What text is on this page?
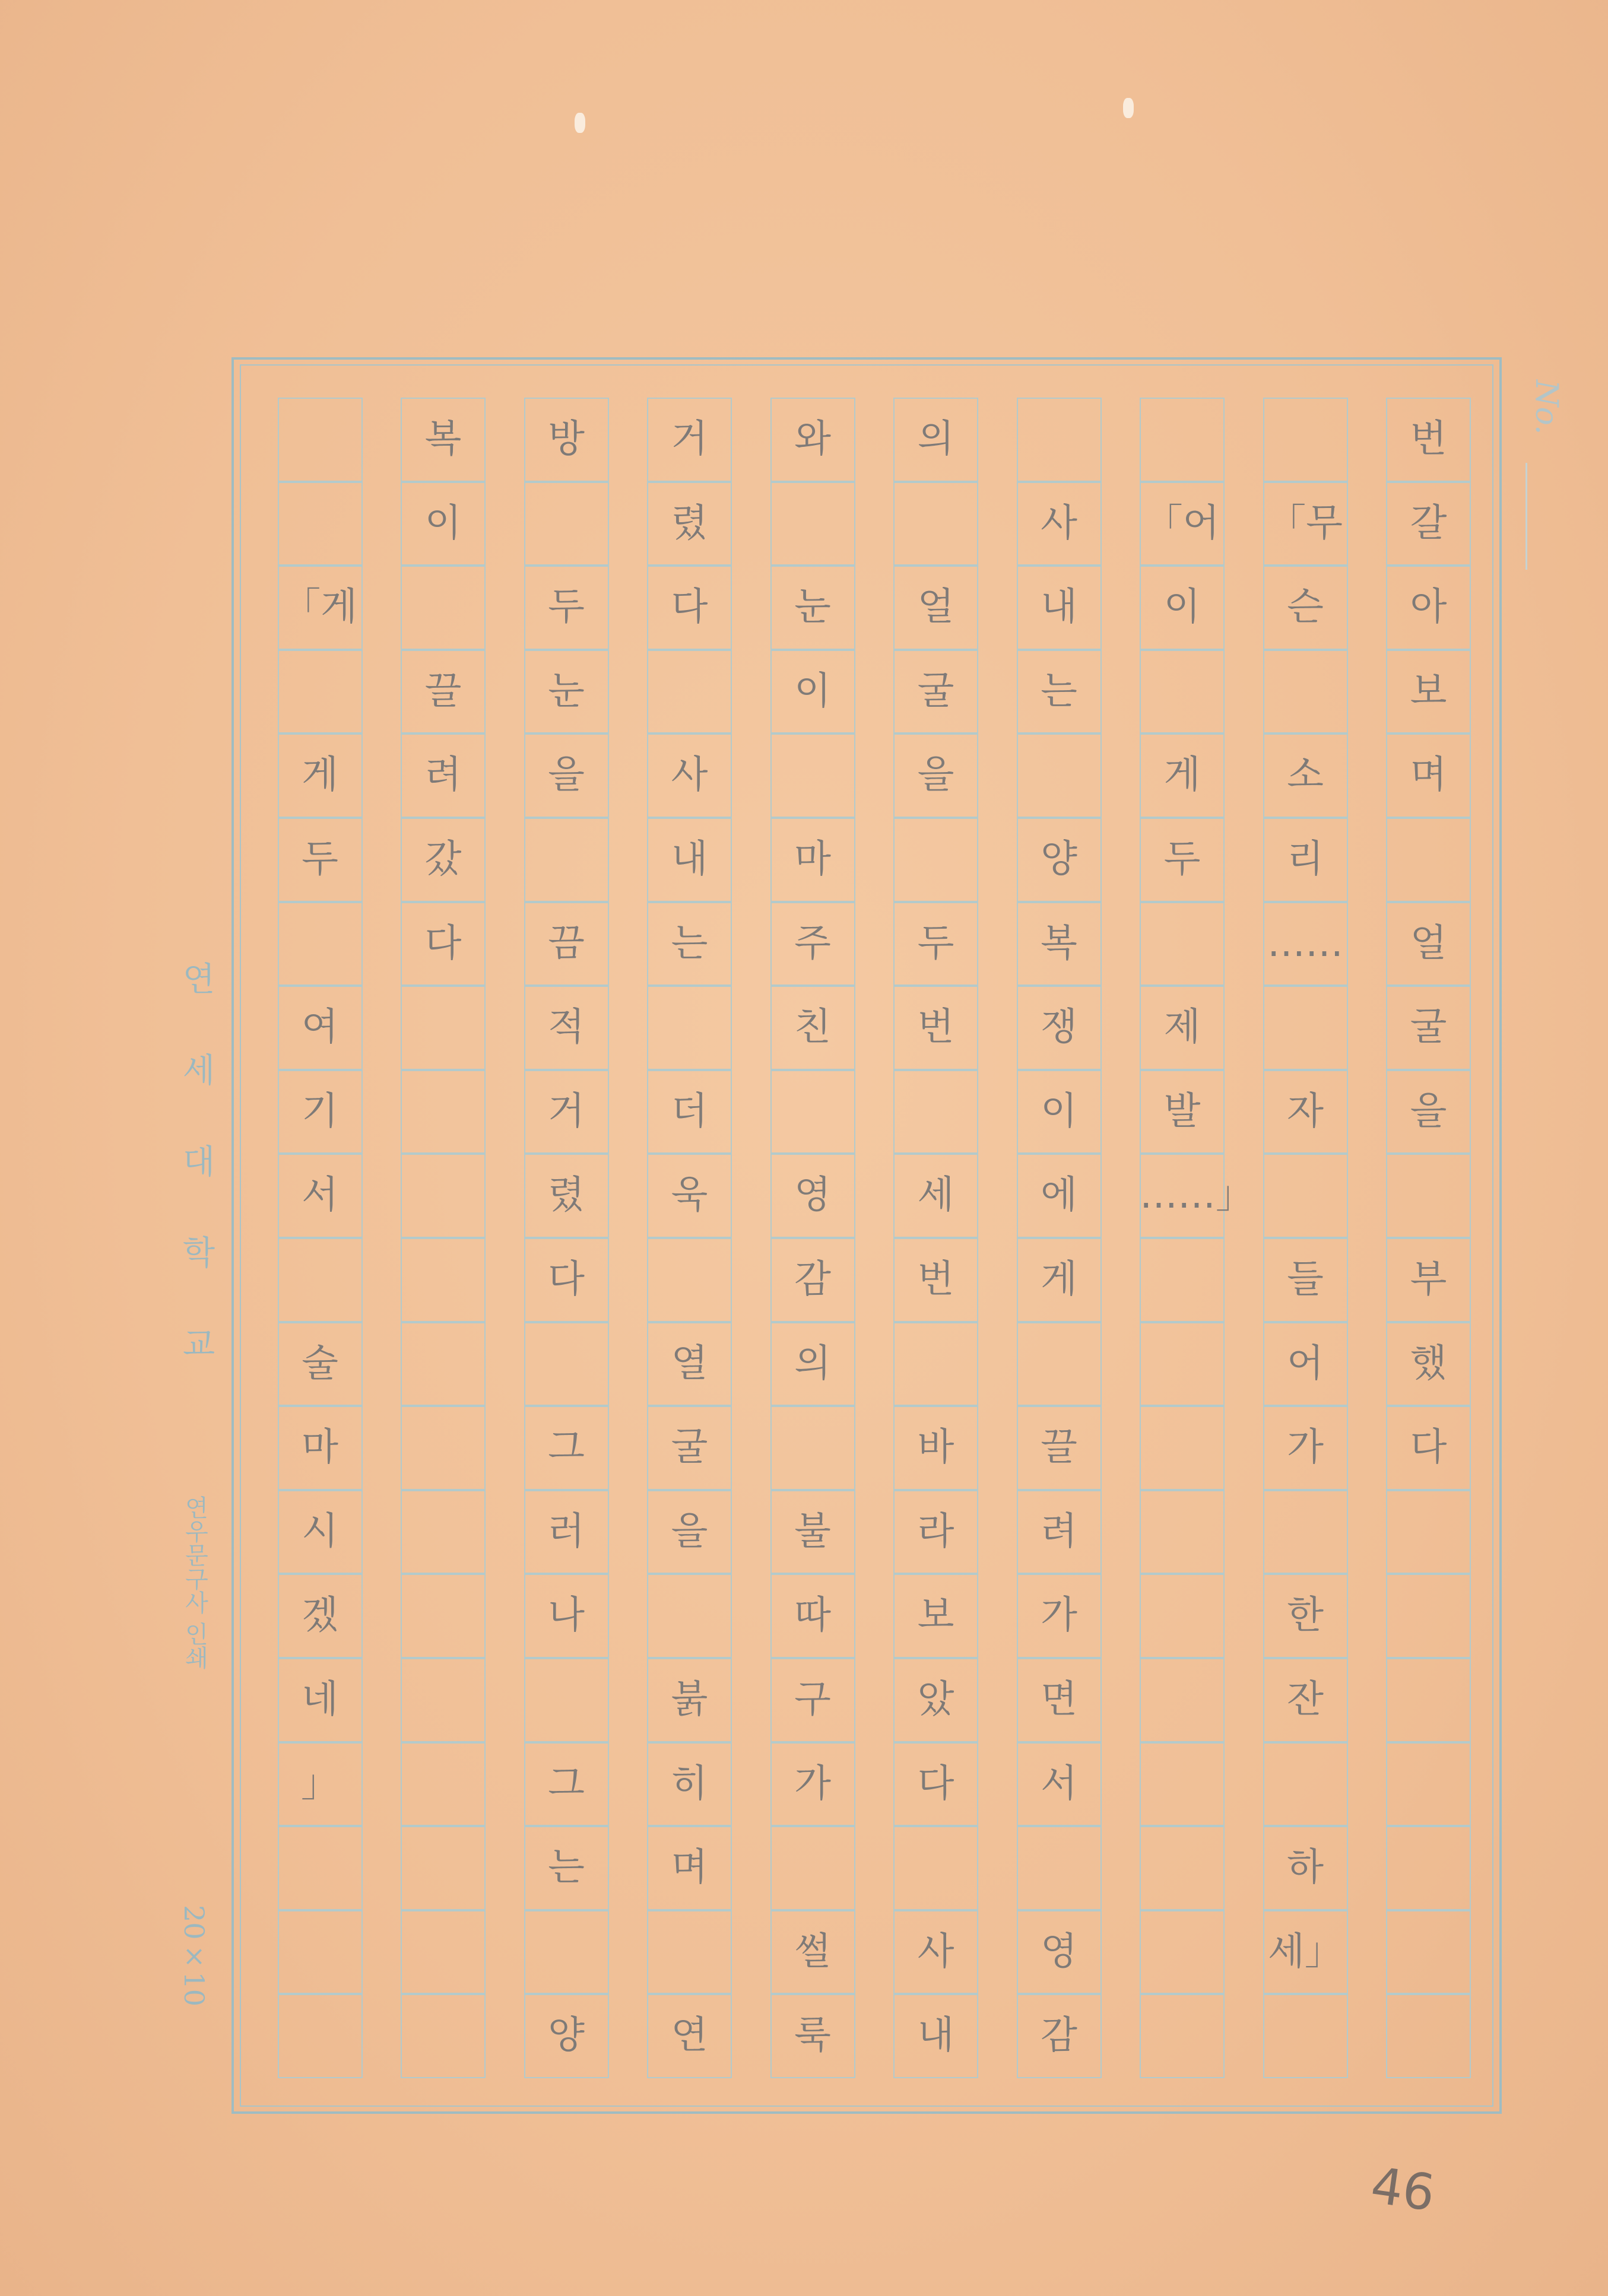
번
갈
아
보
며
얼
굴
을
부
했
다
「무
슨
소
리
……
자
들
어
가
한
잔
하
세」
「어
이
게
두
제
발
……」
사
내
는
양
복
쟁
이
에
게
끌
려
가
면
서
영
감
의
얼
굴
을
두
번
세
번
바
라
보
았
다
사
내
와
눈
이
마
주
친
영
감
의
불
따
구
가
썰
룩
거
렸
다
사
내
는
더
욱
열
굴
을
붉
히
며
연
방
두
눈
을
끔
적
거
렸
다
그
러
나
그
는
양
복
이
끌
려
갔
다
「게
게
두
여
기
서
술
마
시
겠
네
」
No.
연 세 대 학 교
연우문구사 인쇄
20×10
46
